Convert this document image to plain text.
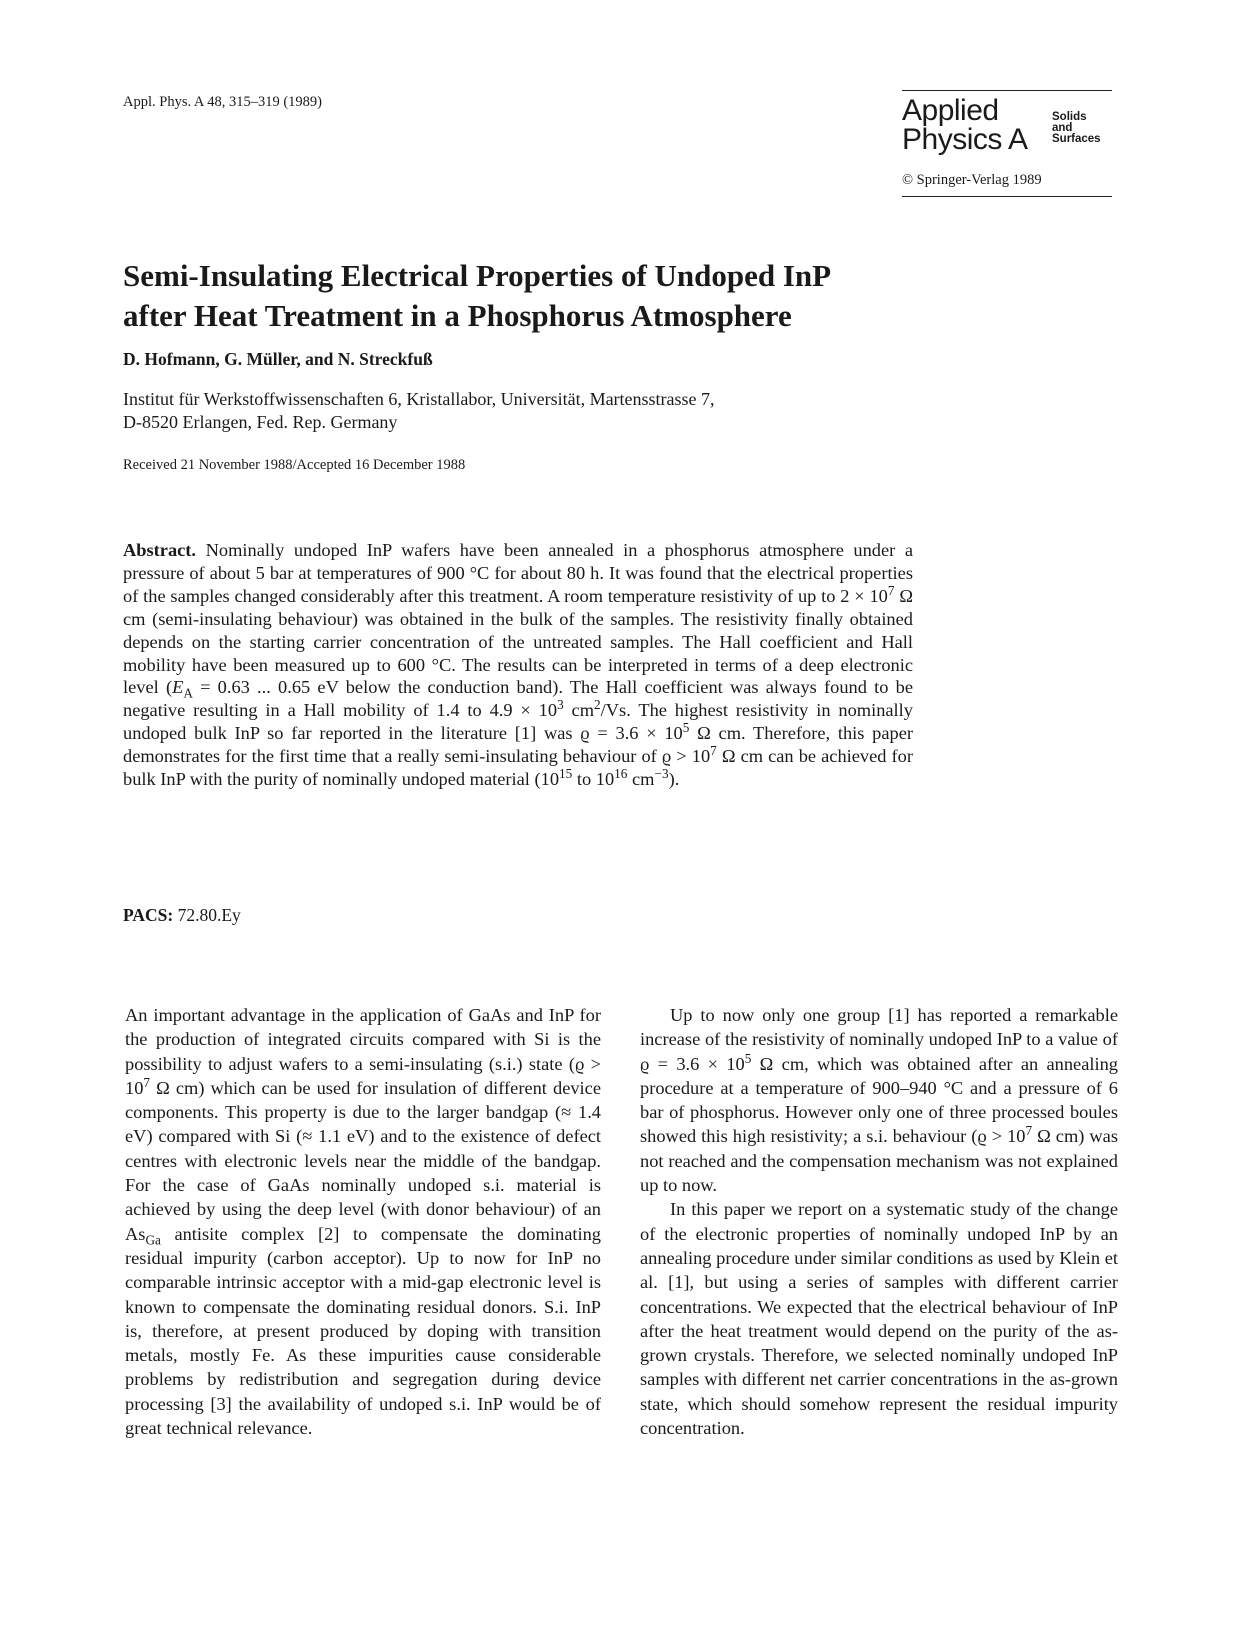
Appl. Phys. A 48, 315–319 (1989)	Applied
Physics A
Solids
and
Surfaces
© Springer-Verlag 1989
Semi-Insulating Electrical Properties of Undoped InP
after Heat Treatment in a Phosphorus Atmosphere
D. Hofmann, G. Müller, and N. Streckfuß
Institut für Werkstoffwissenschaften 6, Kristallabor, Universität, Martensstrasse 7,
D-8520 Erlangen, Fed. Rep. Germany
Received 21 November 1988/Accepted 16 December 1988
Abstract. Nominally undoped InP wafers have been annealed in a phosphorus atmosphere under a pressure of about 5 bar at temperatures of 900 °C for about 80 h. It was found that the electrical properties of the samples changed considerably after this treatment. A room temperature resistivity of up to $2 \times 10^7$ Ω cm (semi-insulating behaviour) was obtained in the bulk of the samples. The resistivity finally obtained depends on the starting carrier concentration of the untreated samples. The Hall coefficient and Hall mobility have been measured up to 600 °C. The results can be interpreted in terms of a deep electronic level ($E_A = 0.63$ ... 0.65 eV below the conduction band). The Hall coefficient was always found to be negative resulting in a Hall mobility of 1.4 to $4.9 \times 10^3$ $cm^2/Vs$. The highest resistivity in nominally undoped bulk InP so far reported in the literature [1] was $ϱ = 3.6 \times 10^5$ Ω cm. Therefore, this paper demonstrates for the first time that a really semi-insulating behaviour of $ϱ > 10^7$ Ω cm can be achieved for bulk InP with the purity of nominally undoped material ($10^{15}$ to $10^{16}$ $cm^{-3}$).
PACS: 72.80.Ey

An important advantage in the application of GaAs and InP for the production of integrated circuits compared with Si is the possibility to adjust wafers to a semi-insulating (s.i.) state ($ϱ > 10^7$ Ω cm) which can be used for insulation of different device components. This property is due to the larger bandgap (≈ 1.4 eV) compared with Si (≈ 1.1 eV) and to the existence of defect centres with electronic levels near the middle of the bandgap. For the case of GaAs nominally undoped s.i. material is achieved by using the deep level (with donor behaviour) of an $As_{Ga}$ antisite complex [2] to compensate the dominating residual impurity (carbon acceptor). Up to now for InP no comparable intrinsic acceptor with a mid-gap electronic level is known to compensate the dominating residual donors. S.i. InP is, therefore, at present produced by doping with transition metals, mostly Fe. As these impurities cause considerable problems by redistribution and segregation during device processing [3] the availability of undoped s.i. InP would be of great technical relevance.

Up to now only one group [1] has reported a remarkable increase of the resistivity of nominally undoped InP to a value of $ϱ = 3.6 \times 10^5$ Ω cm, which was obtained after an annealing procedure at a temperature of 900–940 °C and a pressure of 6 bar of phosphorus. However only one of three processed boules showed this high resistivity; a s.i. behaviour ($ϱ > 10^7$ Ω cm) was not reached and the compensation mechanism was not explained up to now.

In this paper we report on a systematic study of the change of the electronic properties of nominally undoped InP by an annealing procedure under similar conditions as used by Klein et al. [1], but using a series of samples with different carrier concentrations. We expected that the electrical behaviour of InP after the heat treatment would depend on the purity of the as-grown crystals. Therefore, we selected nominally undoped InP samples with different net carrier concentrations in the as-grown state, which should somehow represent the residual impurity concentration.
